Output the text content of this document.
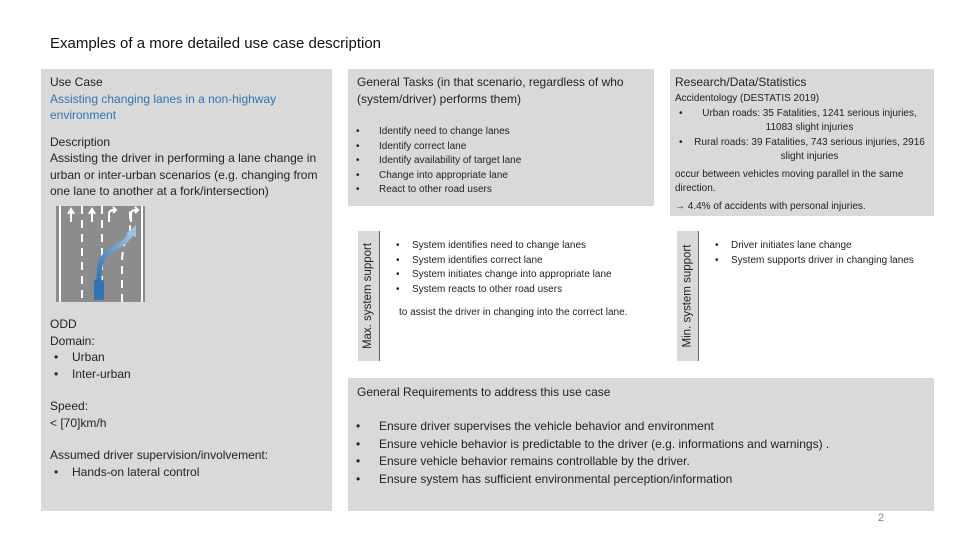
Examples of a more detailed use case description
Use Case
Assisting changing lanes in a non-highway environment
Description
Assisting the driver in performing a lane change in urban or inter-urban scenarios (e.g. changing from one lane to another at a fork/intersection)
ODD
Domain:
• Urban
• Inter-urban
Speed:
< [70]km/h
Assumed driver supervision/involvement:
• Hands-on lateral control
General Tasks (in that scenario, regardless of who (system/driver) performs them)
• Identify need to change lanes
• Identify correct lane
• Identify availability of target lane
• Change into appropriate lane
• React to other road users
Research/Data/Statistics
Accidentology (DESTATIS 2019)
• Urban roads: 35 Fatalities, 1241 serious injuries, 11083 slight injuries
• Rural roads: 39 Fatalities, 743 serious injuries, 2916 slight injuries
occur between vehicles moving parallel in the same direction.
→ 4.4% of accidents with personal injuries.
Max. system support	• System identifies need to change lanes
• System identifies correct lane
• System initiates change into appropriate lane
• System reacts to other road users
to assist the driver in changing into the correct lane.	Min. system support	• Driver initiates lane change
• System supports driver in changing lanes
General Requirements to address this use case
• Ensure driver supervises the vehicle behavior and environment
• Ensure vehicle behavior is predictable to the driver (e.g. informations and warnings) .
• Ensure vehicle behavior remains controllable by the driver.
• Ensure system has sufficient environmental perception/information
2
